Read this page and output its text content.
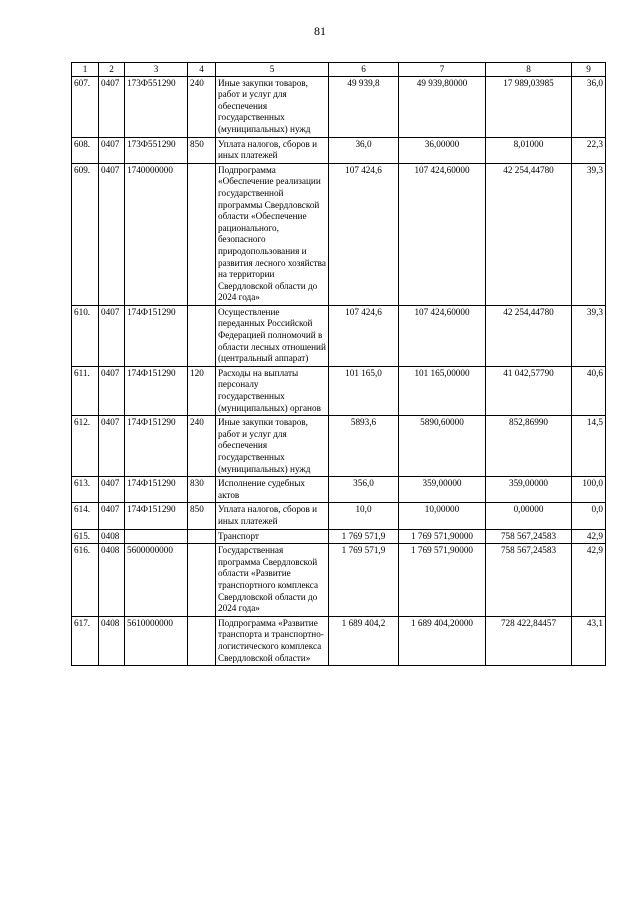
81
1	2	3	4	5	6	7	8	9
607.	0407	173Ф551290	240	Иные закупки товаров, работ и услуг для обеспечения государственных (муниципальных) нужд	49 939,8	49 939,80000	17 989,03985	36,0
608.	0407	173Ф551290	850	Уплата налогов, сборов и иных платежей	36,0	36,00000	8,01000	22,3
609.	0407	1740000000		Подпрограмма «Обеспечение реализации государственной программы Свердловской области «Обеспечение рационального, безопасного природопользования и развития лесного хозяйства на территории Свердловской области до 2024 года»	107 424,6	107 424,60000	42 254,44780	39,3
610.	0407	174Ф151290		Осуществление переданных Российской Федерацией полномочий в области лесных отношений (центральный аппарат)	107 424,6	107 424,60000	42 254,44780	39,3
611.	0407	174Ф151290	120	Расходы на выплаты персоналу государственных (муниципальных) органов	101 165,0	101 165,00000	41 042,57790	40,6
612.	0407	174Ф151290	240	Иные закупки товаров, работ и услуг для обеспечения государственных (муниципальных) нужд	5893,6	5890,60000	852,86990	14,5
613.	0407	174Ф151290	830	Исполнение судебных актов	356,0	359,00000	359,00000	100,0
614.	0407	174Ф151290	850	Уплата налогов, сборов и иных платежей	10,0	10,00000	0,00000	0,0
615.	0408			Транспорт	1 769 571,9	1 769 571,90000	758 567,24583	42,9
616.	0408	5600000000		Государственная программа Свердловской области «Развитие транспортного комплекса Свердловской области до 2024 года»	1 769 571,9	1 769 571,90000	758 567,24583	42,9
617.	0408	5610000000		Подпрограмма «Развитие транспорта и транспортно-логистического комплекса Свердловской области»	1 689 404,2	1 689 404,20000	728 422,84457	43,1
